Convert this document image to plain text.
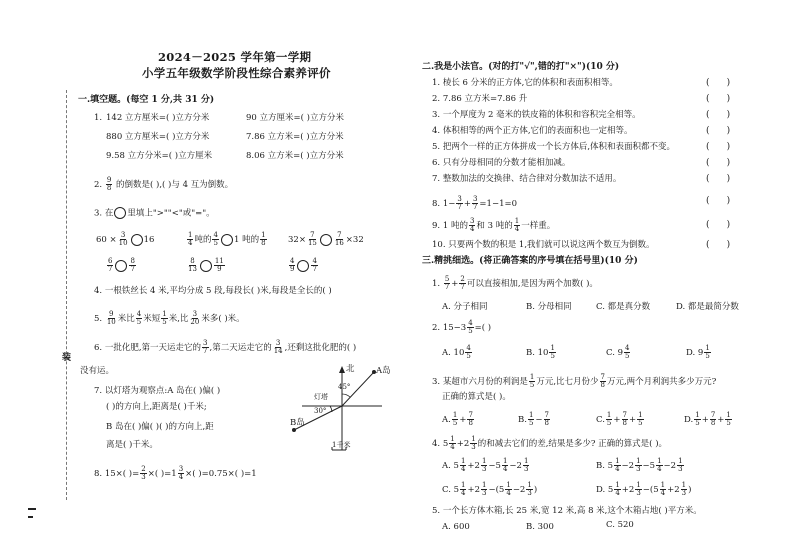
装
2024－2025 学年第一学期
小学五年级数学阶段性综合素养评价
一.填空题。(每空 1 分,共 31 分)
1. 142 立方厘米=( )立方分米	90 立方厘米=( )立方分米
880 立方厘米=( )立方分米	7.86 立方米=( )立方分米
9.58 立方分米=( )立方厘米	8.06 立方米=( )立方分米
2. $\frac{9}{8}$ 的倒数是( ),( )与 4 互为倒数。
3. 在 里填上">""<"或"="。
$60 \times \frac{3}{10} 16$	$\frac{1}{4}$ 吨的 $\frac{4}{5} 1$ 吨的 $\frac{1}{8}$	$32\times \frac{7}{15} \frac{7}{16} \times 32$
$\frac{6}{7} \frac{8}{7}$	$\frac{8}{13} \frac{11}{9}$	$\frac{4}{9} \frac{4}{7}$
4. 一根铁丝长 4 米,平均分成 5 段,每段长( )米,每段是全长的( )
5. $\frac{9}{10}$ 米比 $\frac{4}{5}$ 米短 $\frac{1}{5}$ 米,比 $\frac{3}{20}$ 米多( )米。
6. 一批化肥,第一天运走它的 $\frac{3}{7}$ ,第二天运走它的 $\frac{3}{14}$ ,还剩这批化肥的( )
没有运。
7. 以灯塔为观察点:A 岛在( )偏( )
( )的方向上,距离是( )千米;
B 岛在( )偏( )( )的方向上,距
离是( )千米。
北	A岛
B岛
灯塔
45°
30°
1千米
8. 15×( )= $\frac{2}{3}$ ×( )$=1 \frac{3}{4}$ ×( )=0.75×( )=1
二.我是小法官。(对的打"√",错的打"×")(10 分)
1. 棱长 6 分米的正方体,它的体积和表面积相等。	(      )
2. 7.86 立方米=7.86 升	(      )
3. 一个厚度为 2 毫米的铁皮箱的体积和容积完全相等。	(      )
4. 体积相等的两个正方体,它们的表面积也一定相等。	(      )
5. 把两个一样的正方体拼成一个长方体后,体积和表面积都不变。	(      )
6. 只有分母相同的分数才能相加减。	(      )
7. 整数加法的交换律、结合律对分数加法不适用。	(      )
8. $1- \frac{3}{7} + \frac{3}{7} =1-1=0$	(      )
9. 1 吨的 $\frac{3}{4}$ 和 3 吨的 $\frac{1}{4}$ 一样重。	(      )
10. 只要两个数的积是 1,我们就可以说这两个数互为倒数。	(      )
三.精挑细选。(将正确答案的序号填在括号里)(10 分)
1. $\frac{5}{7} + \frac{2}{7}$ 可以直接相加,是因为两个加数( )。
A. 分子相同	B. 分母相同	C. 都是真分数	D. 都是最简分数
2. $15-3 \frac{4}{5}$ =( )
A. $10 \frac{4}{5}$	B. $10 \frac{1}{5}$	C. $9 \frac{4}{5}$	D. $9 \frac{1}{5}$
3. 某超市六月份的利润是 $\frac{1}{5}$ 万元,比七月份少 $\frac{7}{8}$ 万元,两个月利润共多少万元?
正确的算式是( )。
A. $\frac{1}{5} + \frac{7}{8}$	B. $\frac{1}{5} - \frac{7}{8}$	C. $\frac{1}{5} + \frac{7}{8} + \frac{1}{5}$	D. $\frac{1}{5} + \frac{7}{8} + \frac{1}{5}$
4. $5 \frac{1}{4} +2 \frac{1}{3}$ 的和减去它们的差,结果是多少? 正确的算式是( )。
A. $5 \frac{1}{4} +2 \frac{1}{3} -5 \frac{1}{4} -2 \frac{1}{3}$	B. $5 \frac{1}{4} -2 \frac{1}{3} -5 \frac{1}{4} -2 \frac{1}{3}$
C. $5 \frac{1}{4} +2 \frac{1}{3} -(5 \frac{1}{4} -2 \frac{1}{3}$ )	D. $5 \frac{1}{4} +2 \frac{1}{3} -(5 \frac{1}{4} +2 \frac{1}{3}$ )
5. 一个长方体木箱,长 25 米,宽 12 米,高 8 米,这个木箱占地( )平方米。
A. 600	B. 300	C. 520
